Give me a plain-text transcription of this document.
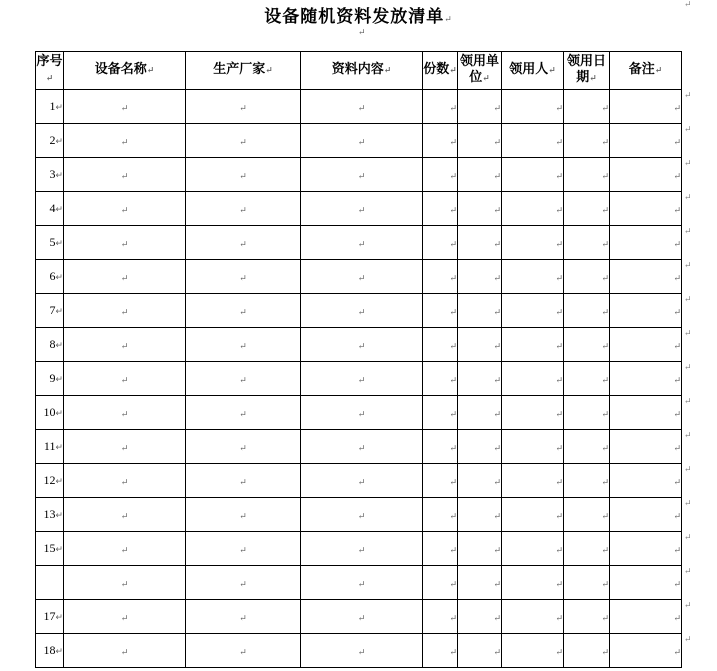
设备随机资料发放清单↵
↵
序号↵	设备名称↵	生产厂家↵	资料内容↵	份数↵	领用单位↵	领用人↵	领用日期↵	备注↵
1↵	↵	↵	↵	↵	↵	↵	↵	↵
2↵	↵	↵	↵	↵	↵	↵	↵	↵
3↵	↵	↵	↵	↵	↵	↵	↵	↵
4↵	↵	↵	↵	↵	↵	↵	↵	↵
5↵	↵	↵	↵	↵	↵	↵	↵	↵
6↵	↵	↵	↵	↵	↵	↵	↵	↵
7↵	↵	↵	↵	↵	↵	↵	↵	↵
8↵	↵	↵	↵	↵	↵	↵	↵	↵
9↵	↵	↵	↵	↵	↵	↵	↵	↵
10↵	↵	↵	↵	↵	↵	↵	↵	↵
11↵	↵	↵	↵	↵	↵	↵	↵	↵
12↵	↵	↵	↵	↵	↵	↵	↵	↵
13↵	↵	↵	↵	↵	↵	↵	↵	↵
15↵	↵	↵	↵	↵	↵	↵	↵	↵
	↵	↵	↵	↵	↵	↵	↵	↵
17↵	↵	↵	↵	↵	↵	↵	↵	↵
18↵	↵	↵	↵	↵	↵	↵	↵	↵
↵
↵
↵
↵
↵
↵
↵
↵
↵
↵
↵
↵
↵
↵
↵
↵
↵
↵
